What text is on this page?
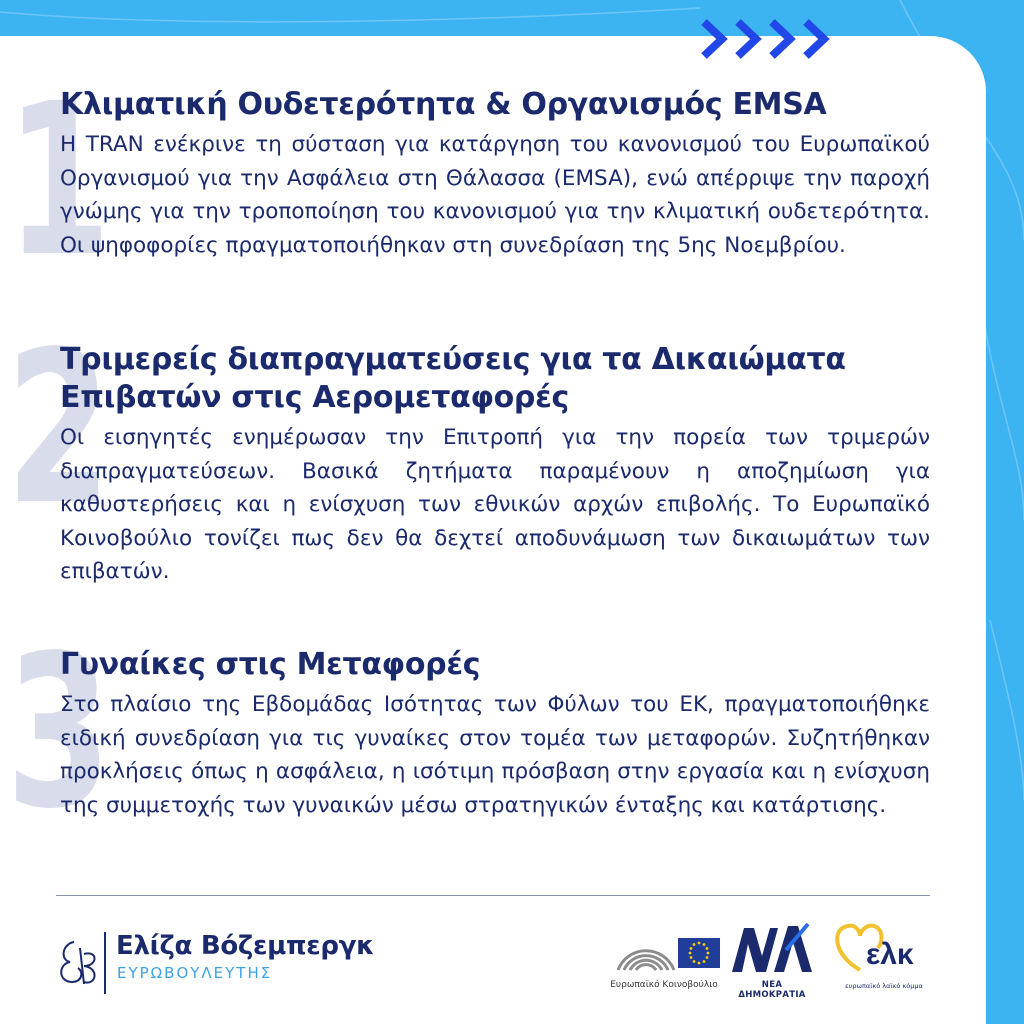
1
2
3
Κλιματική Ουδετερότητα & Οργανισμός EMSA

Η TRAN ενέκρινε τη σύσταση για κατάργηση του κανονισμού του Ευρωπαϊκού Οργανισμού για την Ασφάλεια στη Θάλασσα (EMSA), ενώ απέρριψε την παροχή γνώμης για την τροποποίηση του κανονισμού για την κλιματική ουδετερότητα. Οι ψηφοφορίες πραγματοποιήθηκαν στη συνεδρίαση της 5ης Νοεμβρίου.

Τριμερείς διαπραγματεύσεις για τα Δικαιώματα Επιβατών στις Αερομεταφορές

Οι εισηγητές ενημέρωσαν την Επιτροπή για την πορεία των τριμερών διαπραγματεύσεων. Βασικά ζητήματα παραμένουν η αποζημίωση για καθυστερήσεις και η ενίσχυση των εθνικών αρχών επιβολής. Το Ευρωπαϊκό Κοινοβούλιο τονίζει πως δεν θα δεχτεί αποδυνάμωση των δικαιωμάτων των επιβατών.

Γυναίκες στις Μεταφορές

Στο πλαίσιο της Εβδομάδας Ισότητας των Φύλων του ΕΚ, πραγματοποιήθηκε ειδική συνεδρίαση για τις γυναίκες στον τομέα των μεταφορών. Συζητήθηκαν προκλήσεις όπως η ασφάλεια, η ισότιμη πρόσβαση στην εργασία και η ενίσχυση της συμμετοχής των γυναικών μέσω στρατηγικών ένταξης και κατάρτισης.

Ελίζα Βόζεμπεργκ
ΕΥΡΩΒΟΥΛΕΥΤΗΣ
Ευρωπαϊκό Κοινοβούλιο	ΝΕΑ ΔΗΜΟΚΡΑΤΙΑ
ελκ
ευρωπαϊκό λαϊκό κόμμα
